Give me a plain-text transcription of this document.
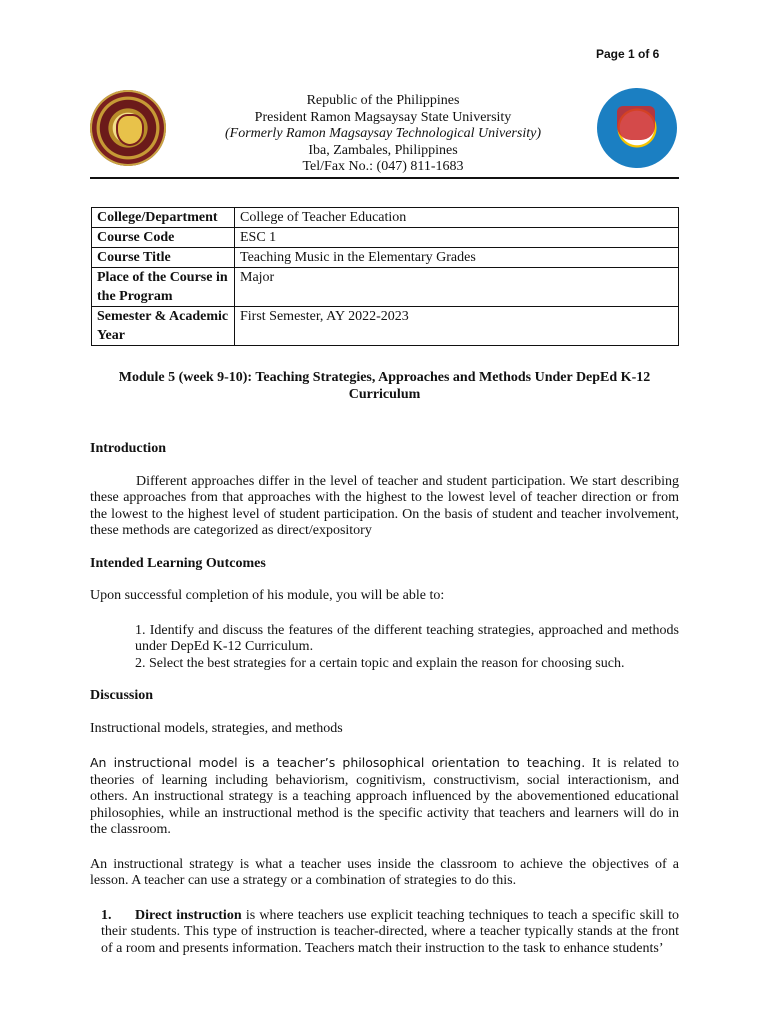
Page 1 of 6
Republic of the Philippines
President Ramon Magsaysay State University
(Formerly Ramon Magsaysay Technological University)
Iba, Zambales, Philippines
Tel/Fax No.: (047) 811-1683
College/Department	College of Teacher Education
Course Code	ESC 1
Course Title	Teaching Music in the Elementary Grades
Place of the Course in the Program	Major
Semester & Academic Year	First Semester, AY 2022-2023

Module 5 (week 9-10): Teaching Strategies, Approaches and Methods Under DepEd K-12 Curriculum

Introduction

Different approaches differ in the level of teacher and student participation. We start describing these approaches from that approaches with the highest to the lowest level of teacher direction or from the lowest to the highest level of student participation. On the basis of student and teacher involvement, these methods are categorized as direct/expository

Intended Learning Outcomes

Upon successful completion of his module, you will be able to:

1. Identify and discuss the features of the different teaching strategies, approached and methods under DepEd K-12 Curriculum.

2. Select the best strategies for a certain topic and explain the reason for choosing such.

Discussion

Instructional models, strategies, and methods

An instructional model is a teacher’s philosophical orientation to teaching. It is related to theories of learning including behaviorism, cognitivism, constructivism, social interactionism, and others. An instructional strategy is a teaching approach influenced by the abovementioned educational philosophies, while an instructional method is the specific activity that teachers and learners will do in the classroom.

An instructional strategy is what a teacher uses inside the classroom to achieve the objectives of a lesson. A teacher can use a strategy or a combination of strategies to do this.

1. Direct instruction is where teachers use explicit teaching techniques to teach a specific skill to their students. This type of instruction is teacher-directed, where a teacher typically stands at the front of a room and presents information. Teachers match their instruction to the task to enhance students’
